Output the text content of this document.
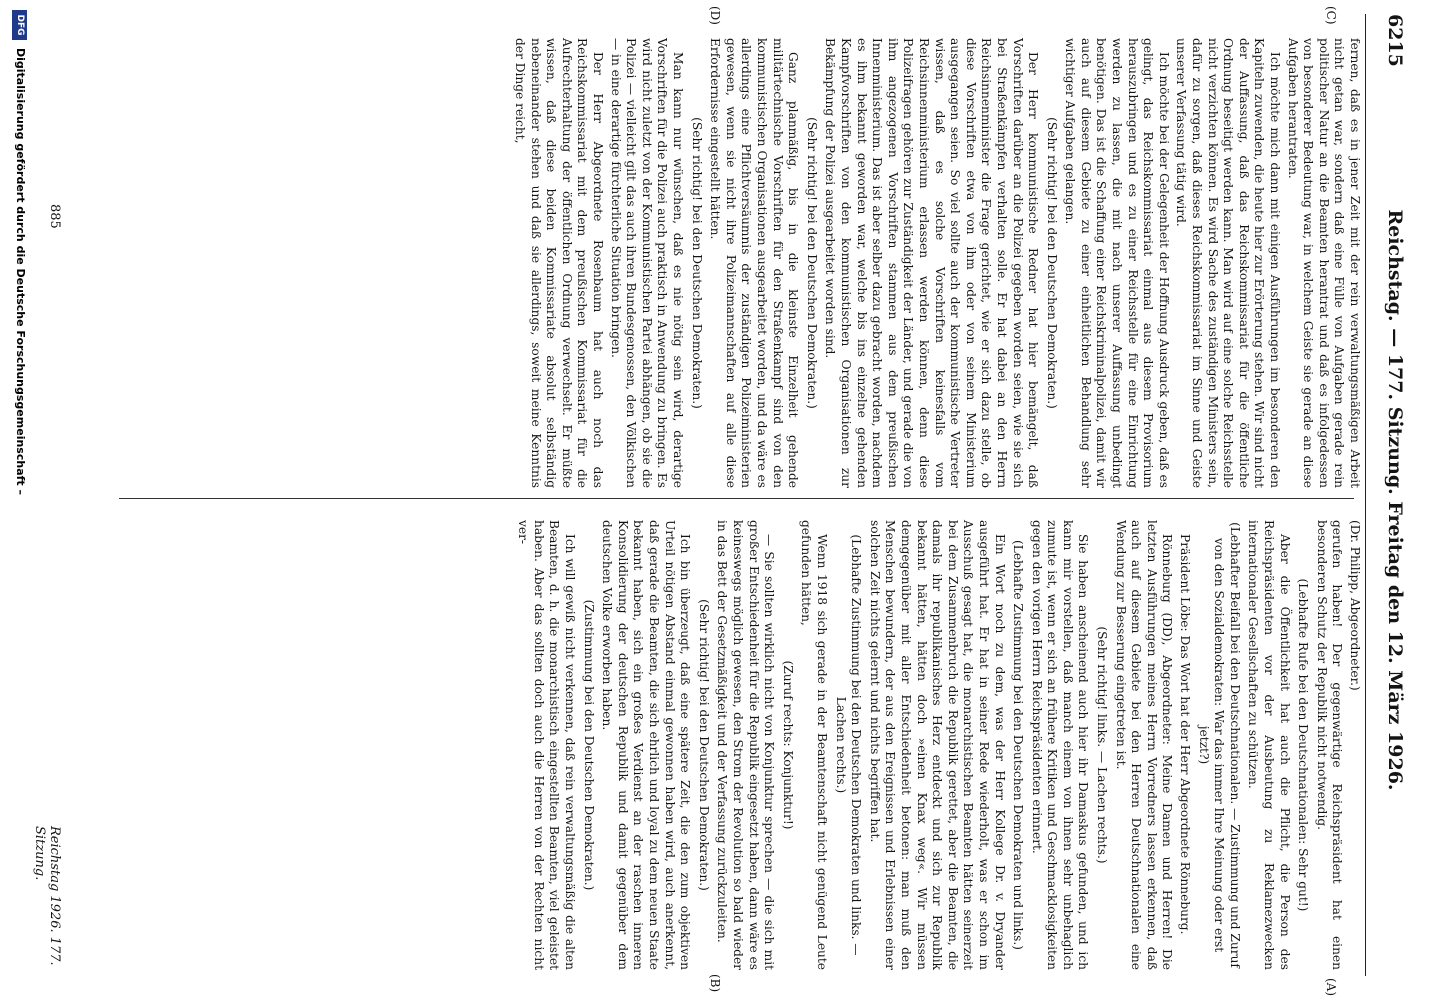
6215
Reichstag. — 177. Sitzung. Freitag den 12. März 1926.
(C)
(D)
(A)
(B)

fernen, daß es in jener Zeit mit der rein verwaltungsmäßigen Arbeit nicht getan war, sondern daß eine Fülle von Aufgaben gerade rein politischer Natur an die Beamten herantrat und daß es infolgedessen von besonderer Bedeutung war, in welchem Geiste sie gerade an diese Aufgaben herantraten.

Ich möchte mich dann mit einigen Ausführungen im besonderen den Kapiteln zuwenden, die heute hier zur Erörterung stehen. Wir sind nicht der Auffassung, daß das Reichskommissariat für die öffentliche Ordnung beseitigt werden kann. Man wird auf eine solche Reichsstelle nicht verzichten können. Es wird Sache des zuständigen Ministers sein, dafür zu sorgen, daß dieses Reichskommissariat im Sinne und Geiste unserer Verfassung tätig wird.

Ich möchte bei der Gelegenheit der Hoffnung Ausdruck geben, daß es gelingt, das Reichskommissariat einmal aus diesem Provisorium herauszubringen und es zu einer Reichsstelle für eine Einrichtung werden zu lassen, die mit nach unserer Auffassung unbedingt benötigen. Das ist die Schaffung einer Reichskriminalpolizei, damit wir auch auf diesem Gebiete zu einer einheitlichen Behandlung sehr wichtiger Aufgaben gelangen.

(Sehr richtig! bei den Deutschen Demokraten.)

Der Herr kommunistische Redner hat hier bemängelt, daß Vorschriften darüber an die Polizei gegeben worden seien, wie sie sich bei Straßenkämpfen verhalten solle. Er hat dabei an den Herrn Reichsinnenminister die Frage gerichtet, wie er sich dazu stelle, ob diese Vorschriften etwa von ihm oder von seinem Ministerium ausgegangen seien. So viel sollte auch der kommunistische Vertreter wissen, daß es solche Vorschriften keinesfalls vom Reichsinnenministerium erlassen werden können, denn diese Polizeifragen gehören zur Zuständigkeit der Länder, und gerade die von ihm angezogenen Vorschriften stammen aus dem preußischen Innenministerium. Das ist aber selber dazu gebracht worden, nachdem es ihm bekannt geworden war, welche bis ins einzelne gehenden Kampfvorschriften von den kommunistischen Organisationen zur Bekämpfung der Polizei ausgearbeitet worden sind.

(Sehr richtig! bei den Deutschen Demokraten.)

Ganz planmäßig, bis in die kleinste Einzelheit gehende militärtechnische Vorschriften für den Straßenkampf sind von den kommunistischen Organisationen ausgearbeitet worden, und da wäre es allerdings eine Pflichtversäumnis der zuständigen Polizeiministerien gewesen, wenn sie nicht ihre Polizeimannschaften auf alle diese Erfordernisse eingestellt hätten.

(Sehr richtig! bei den Deutschen Demokraten.)

Man kann nur wünschen, daß es nie nötig sein wird, derartige Vorschriften für die Polizei auch praktisch in Anwendung zu bringen. Es wird nicht zuletzt von der Kommunistischen Partei abhängen, ob sie die Polizei — vielleicht gilt das auch ihren Bundesgenossen, den Völkischen — in eine derartige fürchterliche Situation bringen.

Der Herr Abgeordnete Rosenbaum hat auch noch das Reichskommissariat mit dem preußischen Kommissariat für die Aufrechterhaltung der öffentlichen Ordnung verwechselt. Er müßte wissen, daß diese beiden Kommissariate absolut selbständig nebeneinander stehen und daß sie allerdings, soweit meine Kenntnis der Dinge reicht,

(Dr. Philipp, Abgeordneter.)

gerufen haben! Der gegenwärtige Reichspräsident hat einen besonderen Schutz der Republik nicht notwendig.

(Lebhafte Rufe bei den Deutschnationalen: Sehr gut!)

Aber die Öffentlichkeit hat auch die Pflicht, die Person des Reichspräsidenten vor der Ausbeutung zu Reklamezwecken internationaler Gesellschaften zu schützen.

(Lebhafter Beifall bei den Deutschnationalen. — Zustimmung und Zuruf von den Sozialdemokraten: War das immer Ihre Meinung oder erst jetzt?)

Präsident Löbe: Das Wort hat der Herr Abgeordnete Rönneburg.

Rönneburg (DD), Abgeordneter: Meine Damen und Herren! Die letzten Ausführungen meines Herrn Vorredners lassen erkennen, daß auch auf diesem Gebiete bei den Herren Deutschnationalen eine Wendung zur Besserung eingetreten ist.

(Sehr richtig! links. — Lachen rechts.)

Sie haben anscheinend auch hier ihr Damaskus gefunden, und ich kann mir vorstellen, daß manch einem von ihnen sehr unbehaglich zumute ist, wenn er sich an frühere Kritiken und Geschmacklosigkeiten gegen den vorigen Herrn Reichspräsidenten erinnert.

(Lebhafte Zustimmung bei den Deutschen Demokraten und links.)

Ein Wort noch zu dem, was der Herr Kollege Dr. v. Dryander ausgeführt hat. Er hat in seiner Rede wiederholt, was er schon im Ausschuß gesagt hat, die monarchistischen Beamten hätten seinerzeit bei dem Zusammenbruch die Republik gerettet, aber die Beamten, die damals ihr republikanisches Herz entdeckt und sich zur Republik bekannt hätten, hätten doch »einen Knax weg«. Wir müssen demgegenüber mit aller Entschiedenheit betonen: man muß den Menschen bewundern, der aus den Ereignissen und Erlebnissen einer solchen Zeit nichts gelernt und nichts begriffen hat.

(Lebhafte Zustimmung bei den Deutschen Demokraten und links. — Lachen rechts.)

Wenn 1918 sich gerade in der Beamtenschaft nicht genügend Leute gefunden hätten,

(Zuruf rechts: Konjunktur!)

— Sie sollten wirklich nicht von Konjunktur sprechen — die sich mit großer Entschiedenheit für die Republik eingesetzt haben, dann wäre es keineswegs möglich gewesen, den Strom der Revolution so bald wieder in das Bett der Gesetzmäßigkeit und der Verfassung zurückzuleiten.

(Sehr richtig! bei den Deutschen Demokraten.)

Ich bin überzeugt, daß eine spätere Zeit, die den zum objektiven Urteil nötigen Abstand einmal gewonnen haben wird, auch anerkennt, daß gerade die Beamten, die sich ehrlich und loyal zu dem neuen Staate bekannt haben, sich ein großes Verdienst an der raschen inneren Konsolidierung der deutschen Republik und damit gegenüber dem deutschen Volke erworben haben.

(Zustimmung bei den Deutschen Demokraten.)

Ich will gewiß nicht verkennen, daß rein verwaltungsmäßig die alten Beamten, d. h. die monarchistisch eingestellten Beamten, viel geleistet haben. Aber das sollten doch auch die Herren von der Rechten nicht ver-

885
Reichstag 1926. 177. Sitzung.
DFG
Digitalisierung gefördert durch die Deutsche Forschungsgemeinschaft –
